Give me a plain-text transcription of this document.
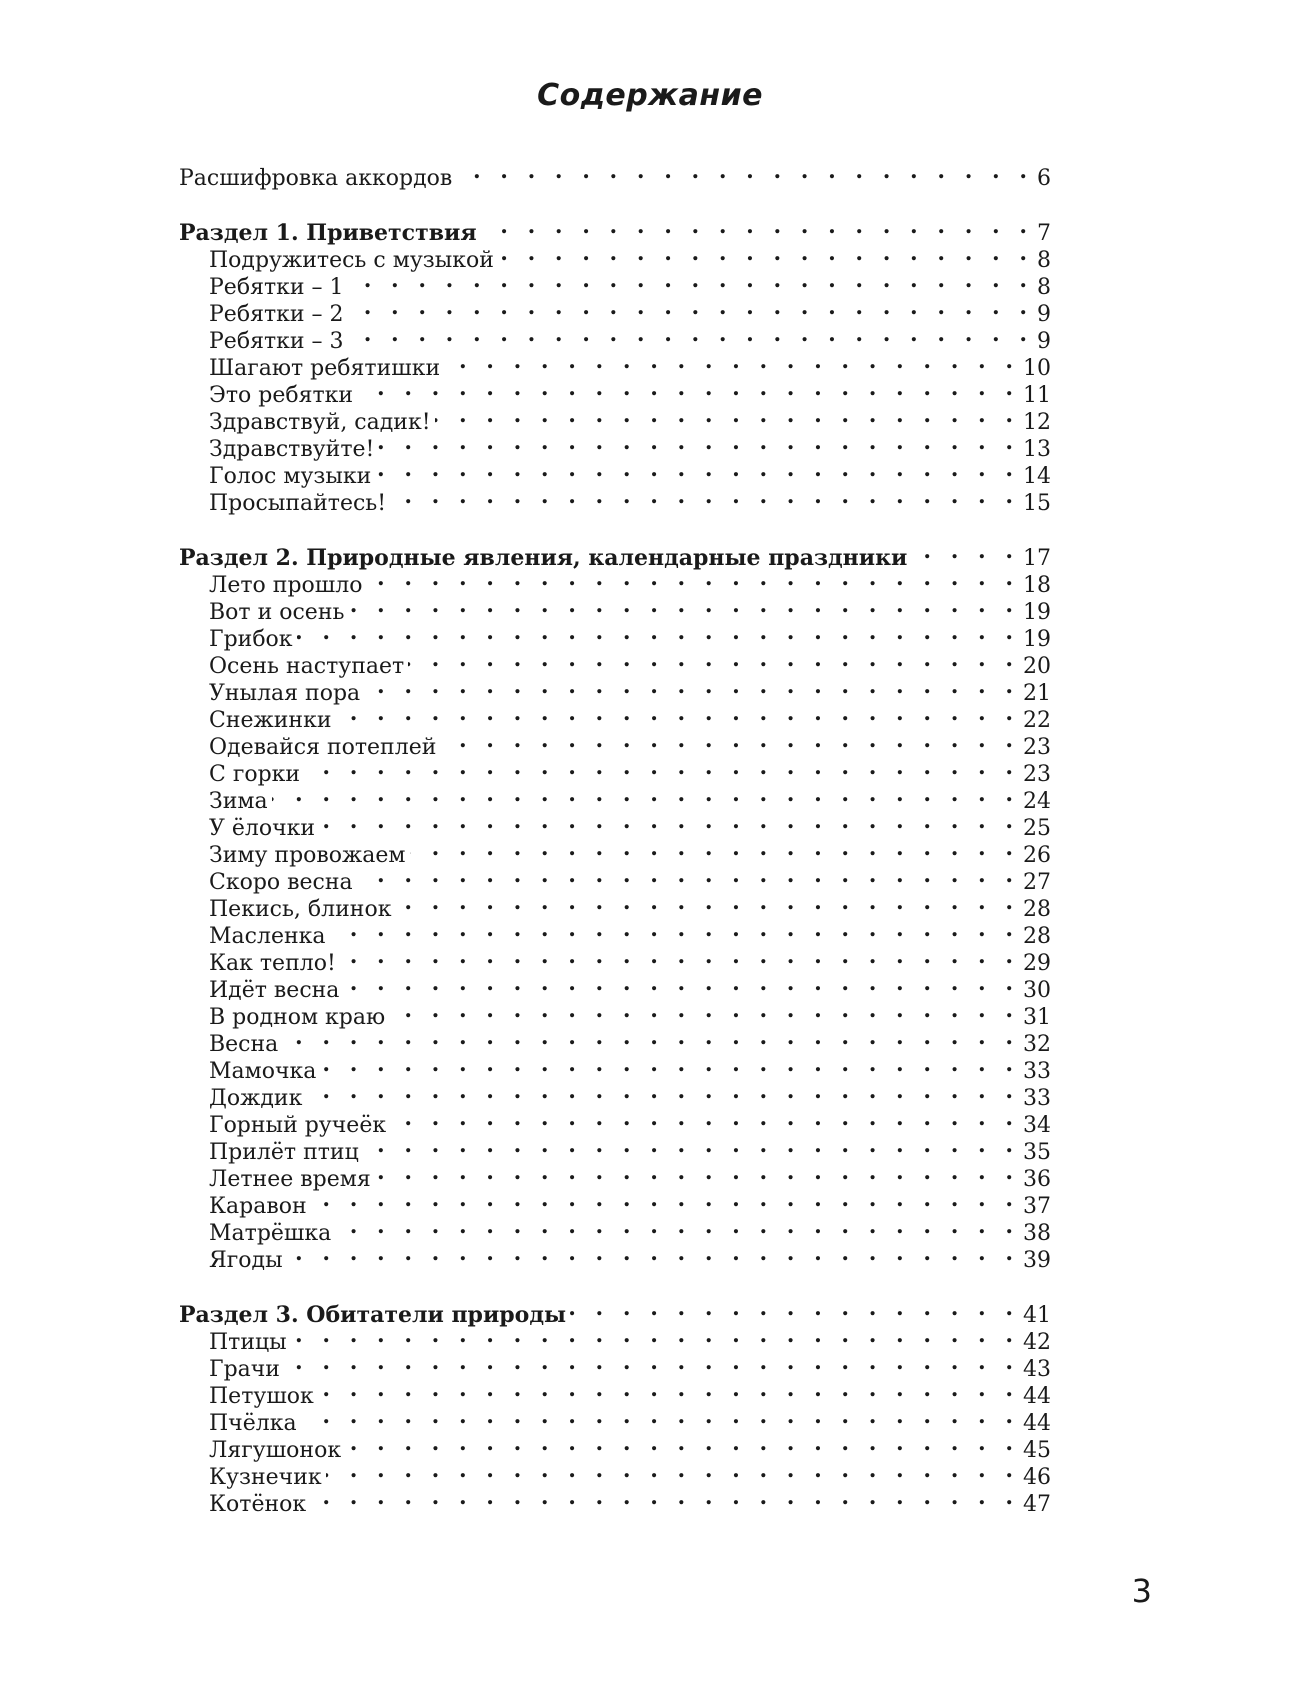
Содержание
Расшифровка аккордов . . .	6
Раздел 1. Приветствия . . .	7
Подружитесь с музыкой . . .	8
Ребятки – 1 . . .	8
Ребятки – 2 . . .	9
Ребятки – 3 . . .	9
Шагают ребятишки . . .	10
Это ребятки . . .	11
Здравствуй, садик! . . .	12
Здравствуйте! . . .	13
Голос музыки . . .	14
Просыпайтесь! . . .	15
Раздел 2. Природные явления, календарные праздники . . .	17
Лето прошло . . .	18
Вот и осень . . .	19
Грибок . . .	19
Осень наступает . . .	20
Унылая пора . . .	21
Снежинки . . .	22
Одевайся потеплей . . .	23
С горки . . .	23
Зима . . .	24
У ёлочки . . .	25
Зиму провожаем . . .	26
Скоро весна . . .	27
Пекись, блинок . . .	28
Масленка . . .	28
Как тепло! . . .	29
Идёт весна . . .	30
В родном краю . . .	31
Весна . . .	32
Мамочка . . .	33
Дождик . . .	33
Горный ручеёк . . .	34
Прилёт птиц . . .	35
Летнее время . . .	36
Каравон . . .	37
Матрёшка . . .	38
Ягоды . . .	39
Раздел 3. Обитатели природы . . .	41
Птицы . . .	42
Грачи . . .	43
Петушок . . .	44
Пчёлка . . .	44
Лягушонок . . .	45
Кузнечик . . .	46
Котёнок . . .	47
3
